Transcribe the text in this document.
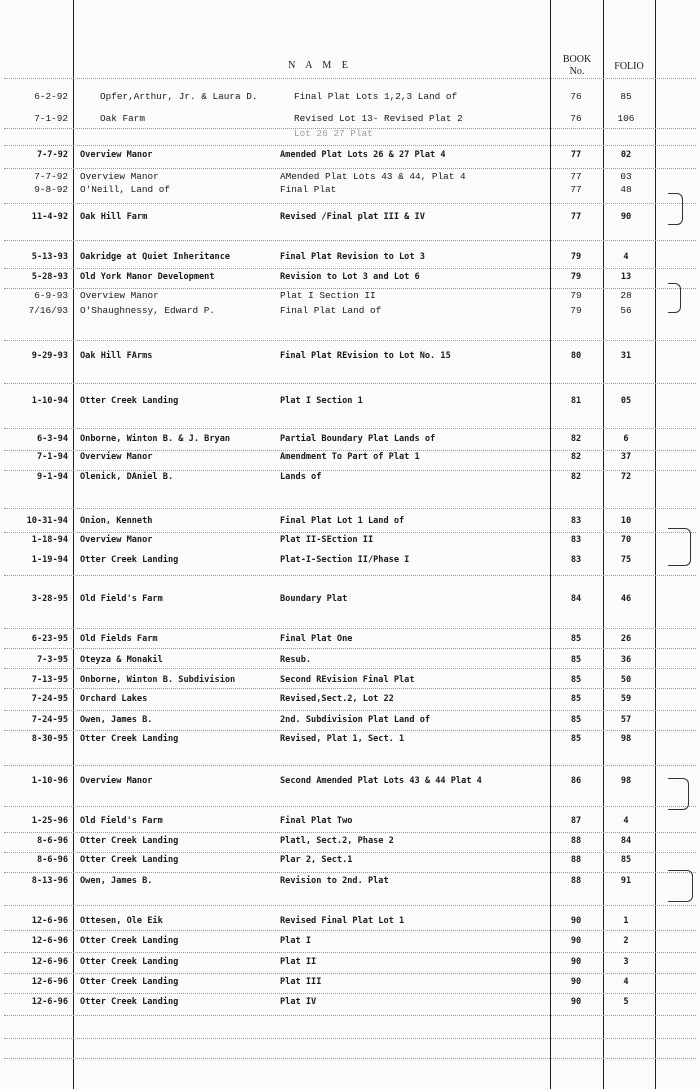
N A M E
BOOK
No.	FOLIO
6-2-92	Opfer,Arthur, Jr. & Laura D.	Final Plat Lots 1,2,3 Land of	76	85
7-1-92	Oak Farm	Revised Lot 13- Revised Plat 2	76	106
Lot 26 27 Plat
7-7-92 Overview Manor	Amended Plat Lots 26 & 27 Plat 4	77	02
7-7-92 Overview Manor	AMended Plat Lots 43 & 44, Plat 4	77	03
9-8-92 O'Neill, Land of	Final Plat	77	48
11-4-92 Oak Hill Farm	Revised /Final plat III & IV	77	90
5-13-93 Oakridge at Quiet Inheritance	Final Plat Revision to Lot 3	79	4
5-28-93 Old York Manor Development	Revision to Lot 3 and Lot 6	79	13
6-9-93 Overview Manor	Plat I Section II	79	28
7/16/93 O'Shaughnessy, Edward P.	Final Plat Land of	79	56
9-29-93 Oak Hill FArms	Final Plat REvision to Lot No. 15	80	31
1-10-94 Otter Creek Landing	Plat I Section 1	81	05
6-3-94 Onborne, Winton B. & J. Bryan	Partial Boundary Plat Lands of	82	6
7-1-94 Overview Manor	Amendment To Part of Plat 1	82	37
9-1-94 Olenick, DAniel B.	Lands of	82	72
10-31-94 Onion, Kenneth	Final Plat Lot 1 Land of	83	10
1-18-94 Overview Manor	Plat II-SEction II	83	70
1-19-94 Otter Creek Landing	Plat-I-Section II/Phase I	83	75
3-28-95 Old Field's Farm	Boundary Plat	84	46
6-23-95 Old Fields Farm	Final Plat One	85	26
7-3-95 Oteyza & Monakil	Resub.	85	36
7-13-95 Onborne, Winton B. Subdivision	Second REvision Final Plat	85	50
7-24-95 Orchard Lakes	Revised,Sect.2, Lot 22	85	59
7-24-95 Owen, James B.	2nd. Subdivision Plat Land of	85	57
8-30-95 Otter Creek Landing	Revised, Plat 1, Sect. 1	85	98
1-10-96 Overview Manor	Second Amended Plat Lots 43 & 44 Plat 4	86	98
1-25-96 Old Field's Farm	Final Plat Two	87	4
8-6-96 Otter Creek Landing	Platl, Sect.2, Phase 2	88	84
8-6-96 Otter Creek Landing	Plar 2, Sect.1	88	85
8-13-96 Owen, James B.	Revision to 2nd. Plat	88	91
12-6-96 Ottesen, Ole Eik	Revised Final Plat Lot 1	90	1
12-6-96 Otter Creek Landing	Plat I	90	2
12-6-96 Otter Creek Landing	Plat II	90	3
12-6-96 Otter Creek Landing	Plat III	90	4
12-6-96 Otter Creek Landing	Plat IV	90	5
